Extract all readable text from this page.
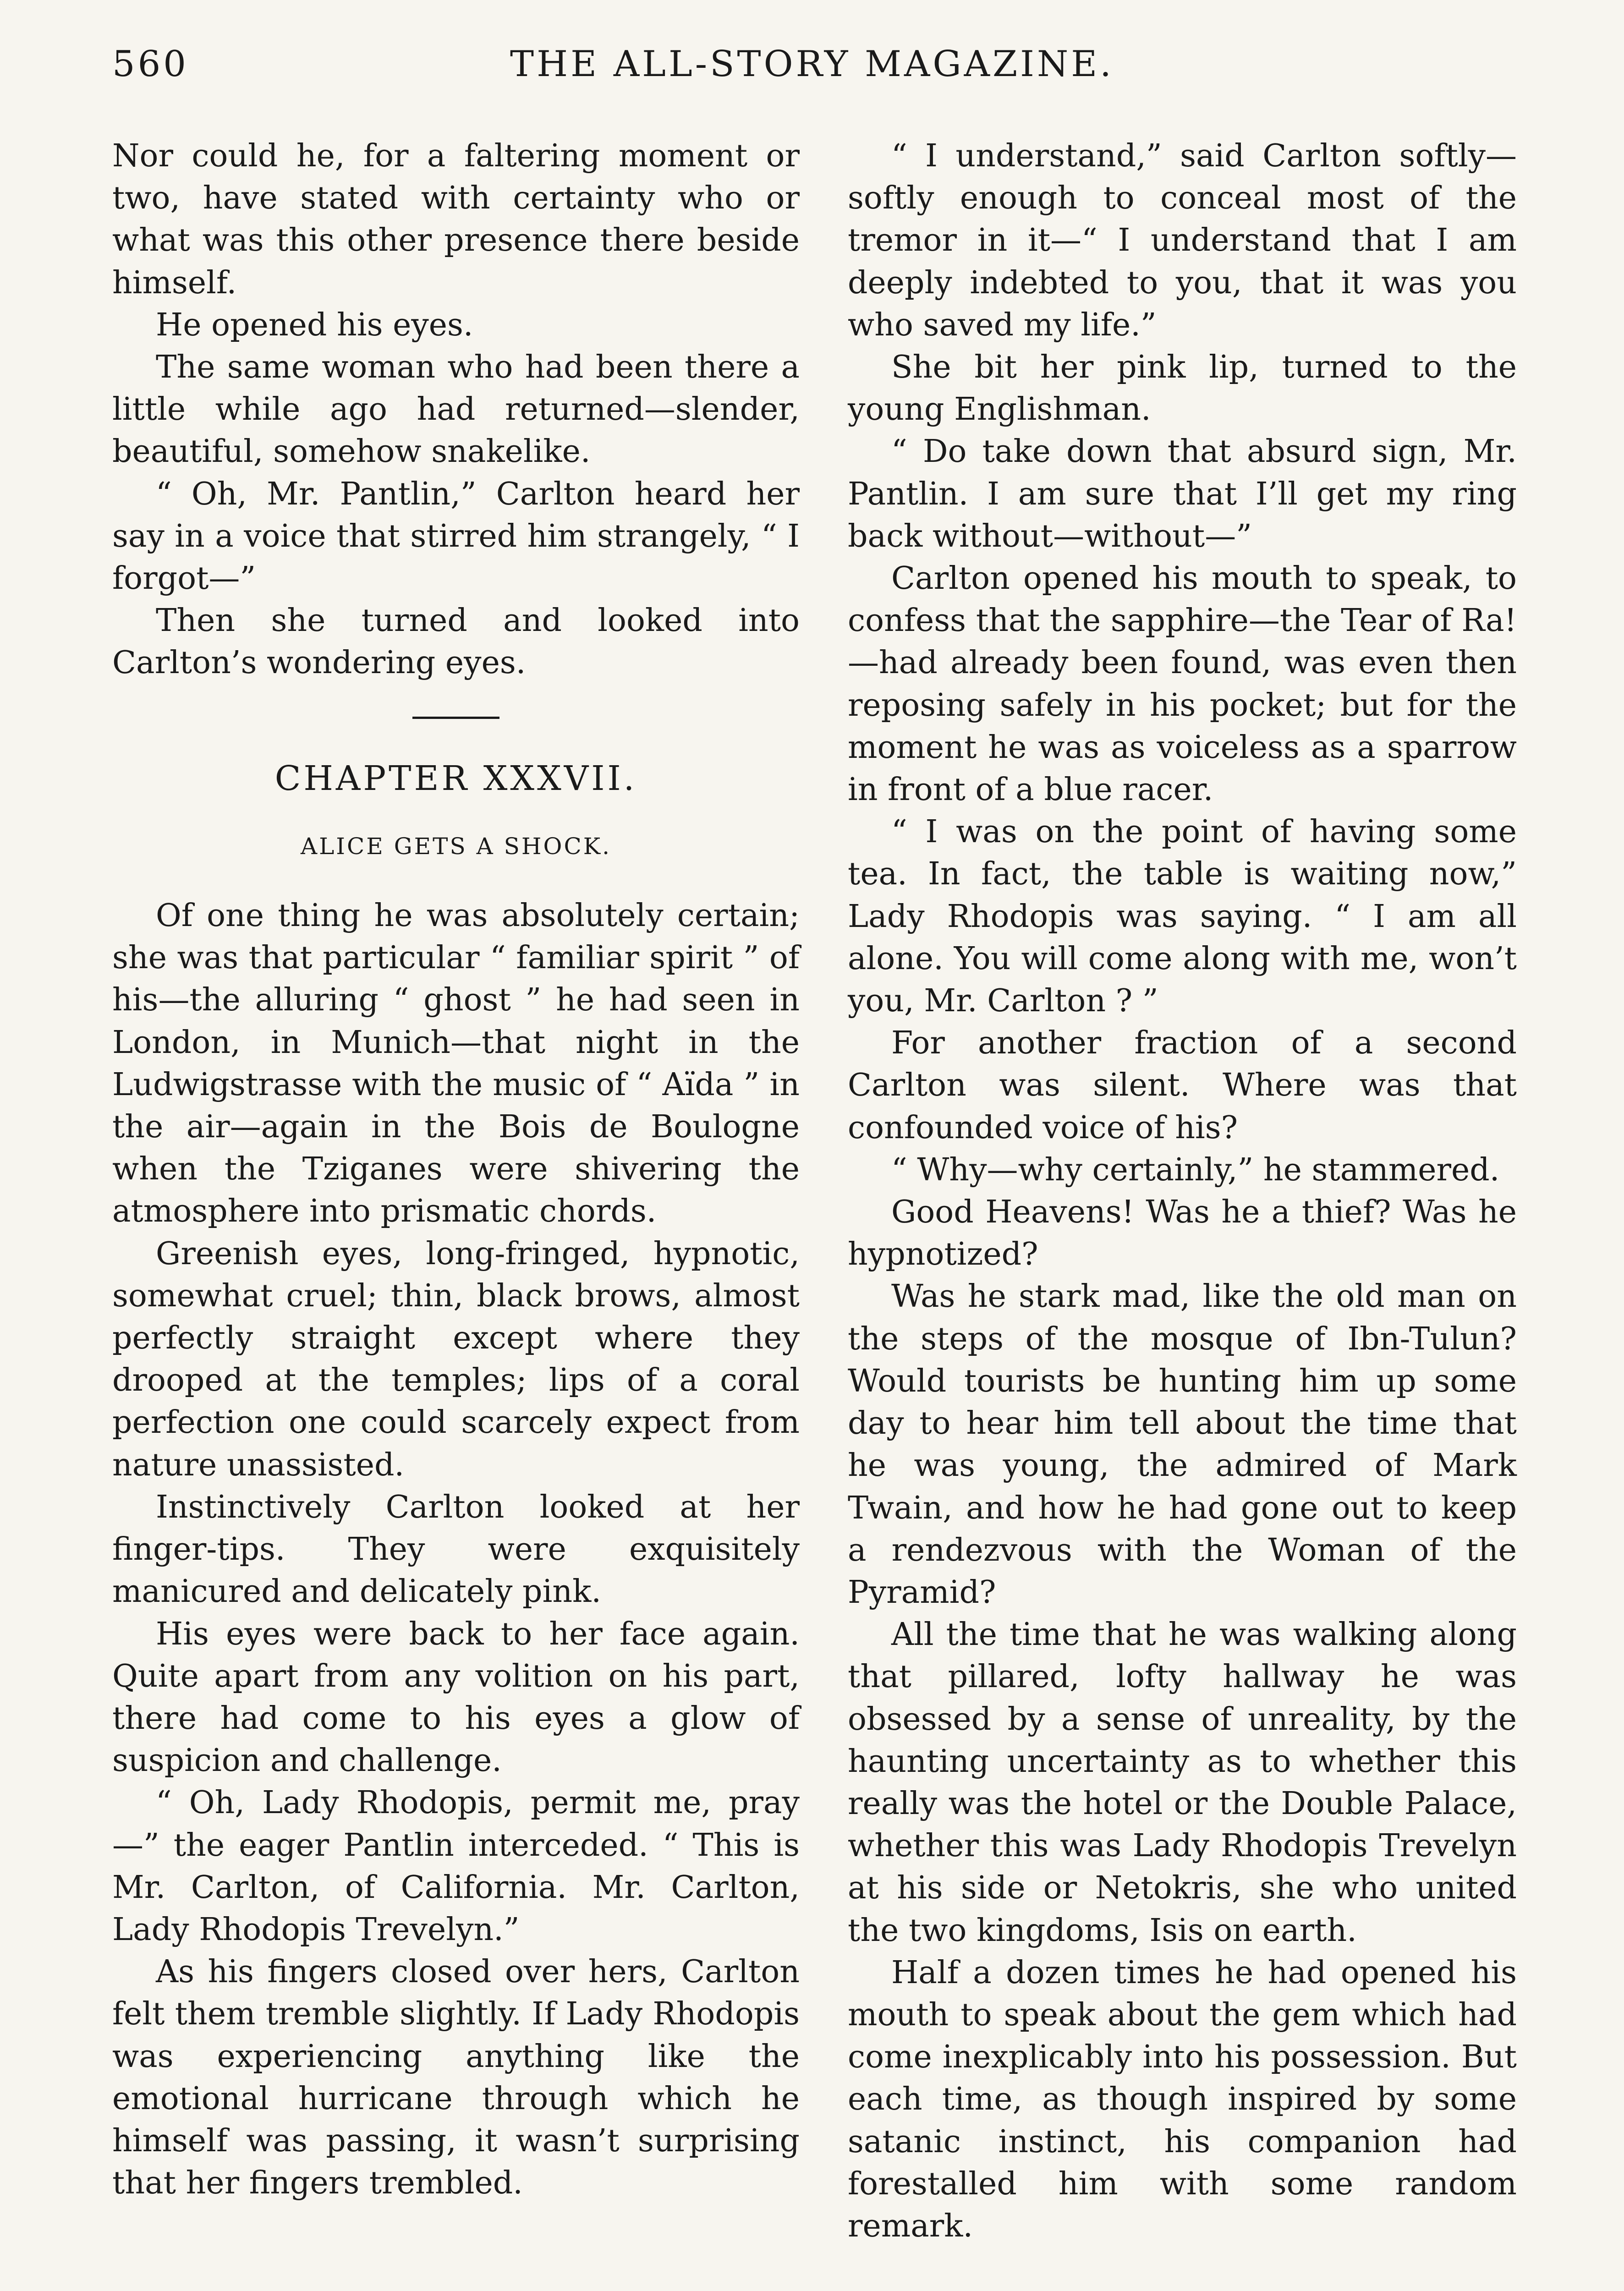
560	THE ALL-STORY MAGAZINE.

Nor could he, for a faltering moment or two, have stated with certainty who or what was this other presence there beside himself.

He opened his eyes.

The same woman who had been there a little while ago had returned—slender, beautiful, somehow snakelike.

“ Oh, Mr. Pantlin,” Carlton heard her say in a voice that stirred him strangely, “ I forgot—”

Then she turned and looked into Carlton’s wondering eyes.

CHAPTER XXXVII.

ALICE GETS A SHOCK.

Of one thing he was absolutely certain; she was that particular “ familiar spirit ” of his—the alluring “ ghost ” he had seen in London, in Munich—that night in the Ludwigstrasse with the music of “ Aïda ” in the air—again in the Bois de Boulogne when the Tziganes were shivering the atmosphere into prismatic chords.

Greenish eyes, long-fringed, hypnotic, somewhat cruel; thin, black brows, almost perfectly straight except where they drooped at the temples; lips of a coral perfection one could scarcely expect from nature unassisted.

Instinctively Carlton looked at her finger-tips. They were exquisitely manicured and delicately pink.

His eyes were back to her face again. Quite apart from any volition on his part, there had come to his eyes a glow of suspicion and challenge.

“ Oh, Lady Rhodopis, permit me, pray—” the eager Pantlin interceded. “ This is Mr. Carlton, of California. Mr. Carlton, Lady Rhodopis Trevelyn.”

As his fingers closed over hers, Carlton felt them tremble slightly. If Lady Rhodopis was experiencing anything like the emotional hurricane through which he himself was passing, it wasn’t surprising that her fingers trembled.

“ I understand,” said Carlton softly—softly enough to conceal most of the tremor in it—“ I understand that I am deeply indebted to you, that it was you who saved my life.”

She bit her pink lip, turned to the young Englishman.

“ Do take down that absurd sign, Mr. Pantlin. I am sure that I’ll get my ring back without—without—”

Carlton opened his mouth to speak, to confess that the sapphire—the Tear of Ra!—had already been found, was even then reposing safely in his pocket; but for the moment he was as voiceless as a sparrow in front of a blue racer.

“ I was on the point of having some tea. In fact, the table is waiting now,” Lady Rhodopis was saying. “ I am all alone. You will come along with me, won’t you, Mr. Carlton ? ”

For another fraction of a second Carlton was silent. Where was that confounded voice of his?

“ Why—why certainly,” he stammered.

Good Heavens! Was he a thief? Was he hypnotized?

Was he stark mad, like the old man on the steps of the mosque of Ibn-Tulun? Would tourists be hunting him up some day to hear him tell about the time that he was young, the admired of Mark Twain, and how he had gone out to keep a rendezvous with the Woman of the Pyramid?

All the time that he was walking along that pillared, lofty hallway he was obsessed by a sense of unreality, by the haunting uncertainty as to whether this really was the hotel or the Double Palace, whether this was Lady Rhodopis Trevelyn at his side or Netokris, she who united the two kingdoms, Isis on earth.

Half a dozen times he had opened his mouth to speak about the gem which had come inexplicably into his possession. But each time, as though inspired by some satanic instinct, his companion had forestalled him with some random remark.
